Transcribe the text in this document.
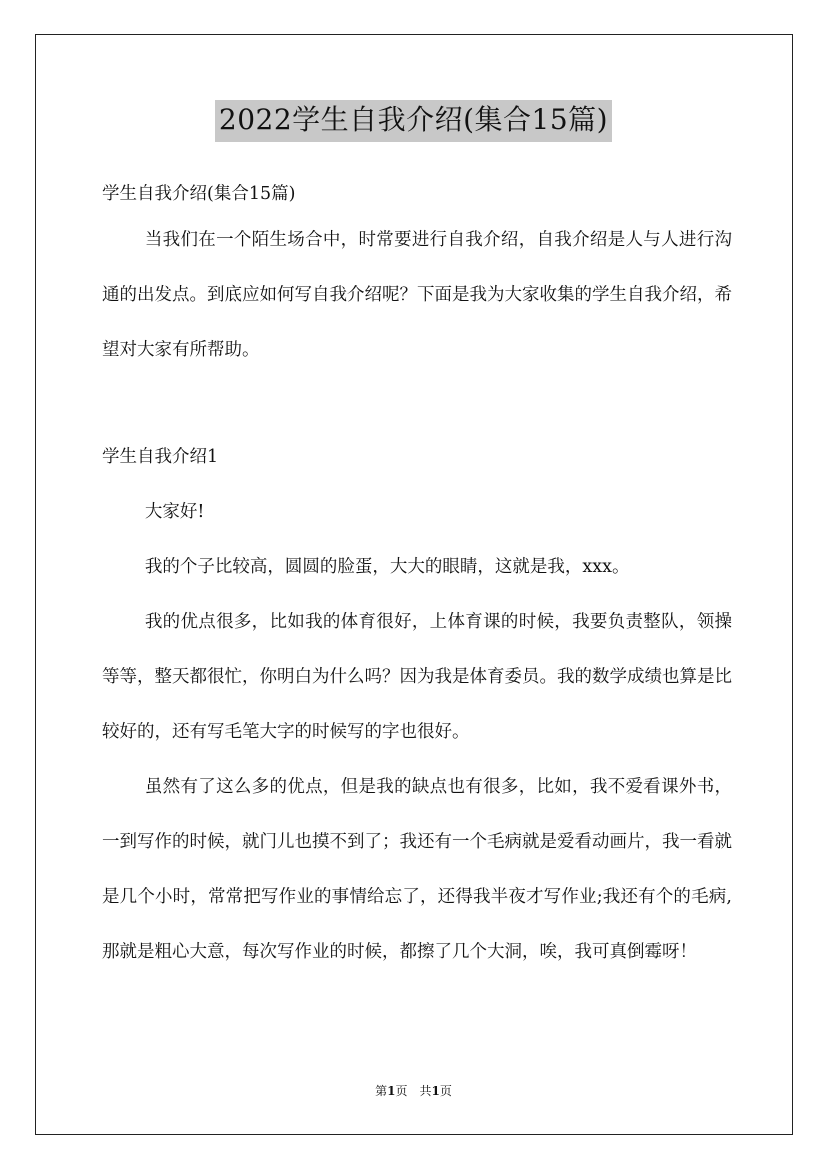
2022学生自我介绍(集合15篇)

学生自我介绍(集合15篇)

当我们在一个陌生场合中，时常要进行自我介绍，自我介绍是人与人进行沟通的出发点。到底应如何写自我介绍呢？下面是我为大家收集的学生自我介绍，希望对大家有所帮助。

学生自我介绍1

大家好!

我的个子比较高，圆圆的脸蛋，大大的眼睛，这就是我，xxx。

我的优点很多，比如我的体育很好，上体育课的时候，我要负责整队，领操等等，整天都很忙，你明白为什么吗？因为我是体育委员。我的数学成绩也算是比较好的，还有写毛笔大字的时候写的字也很好。

虽然有了这么多的优点，但是我的缺点也有很多，比如，我不爱看课外书，一到写作的时候，就门儿也摸不到了；我还有一个毛病就是爱看动画片，我一看就是几个小时，常常把写作业的事情给忘了，还得我半夜才写作业;我还有个的毛病,那就是粗心大意，每次写作业的时候，都擦了几个大洞，唉，我可真倒霉呀！

第1页　共1页
